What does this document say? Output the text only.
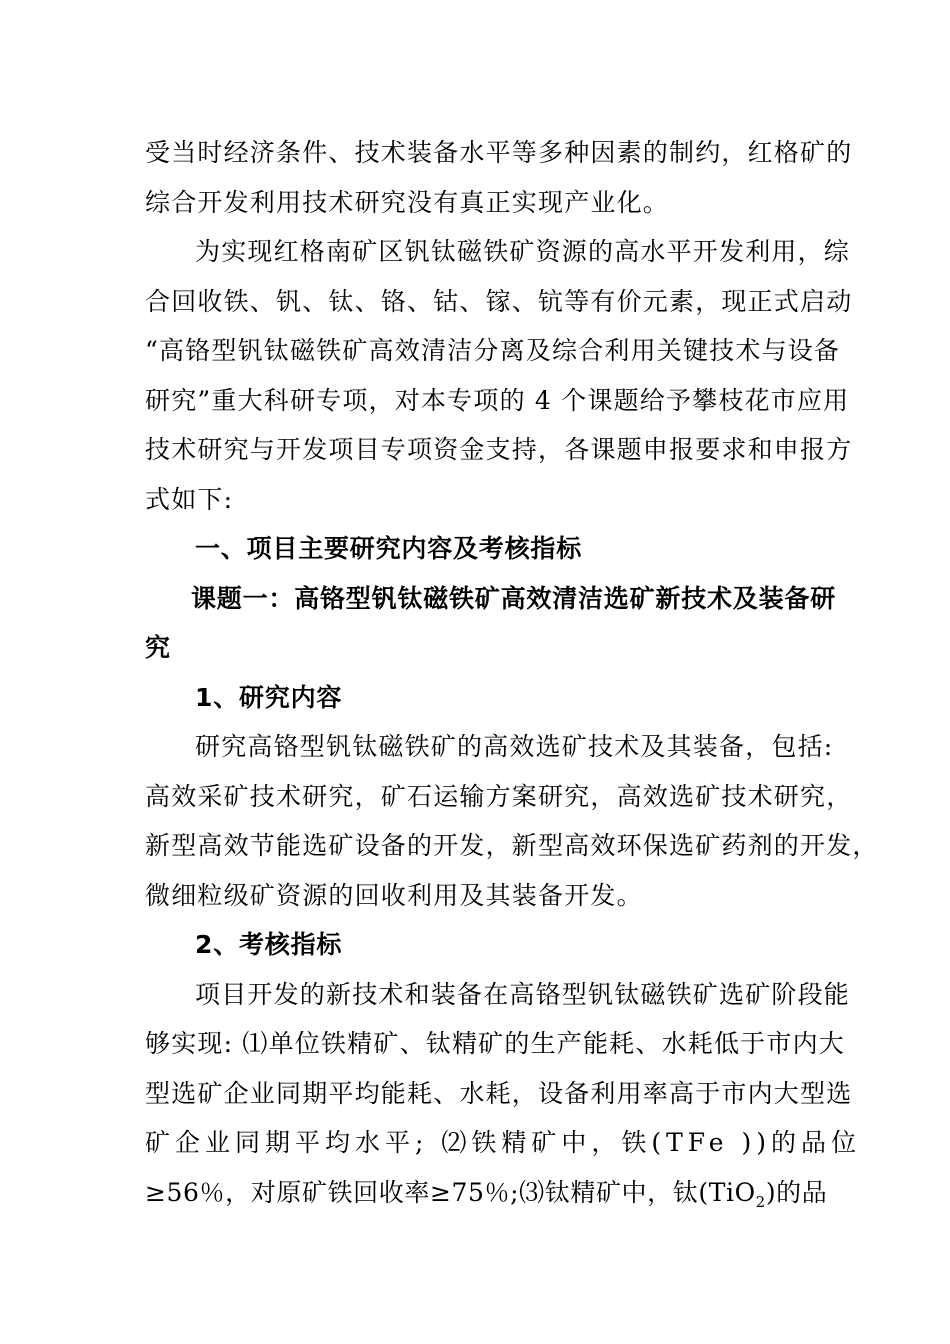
受当时经济条件、技术装备水平等多种因素的制约，红格矿的
综合开发利用技术研究没有真正实现产业化。
为实现红格南矿区钒钛磁铁矿资源的高水平开发利用，综
合回收铁、钒、钛、铬、钴、镓、钪等有价元素，现正式启动
“高铬型钒钛磁铁矿高效清洁分离及综合利用关键技术与设备
研究”重大科研专项，对本专项的 4 个课题给予攀枝花市应用
技术研究与开发项目专项资金支持，各课题申报要求和申报方
式如下:
一、项目主要研究内容及考核指标
课题一：高铬型钒钛磁铁矿高效清洁选矿新技术及装备研
究
1、研究内容
研究高铬型钒钛磁铁矿的高效选矿技术及其装备，包括:
高效采矿技术研究，矿石运输方案研究，高效选矿技术研究，
新型高效节能选矿设备的开发，新型高效环保选矿药剂的开发，
微细粒级矿资源的回收利用及其装备开发。
2、考核指标
项目开发的新技术和装备在高铬型钒钛磁铁矿选矿阶段能
够实现: ⑴单位铁精矿、钛精矿的生产能耗、水耗低于市内大
型选矿企业同期平均能耗、水耗，设备利用率高于市内大型选
矿企业同期平均水平; ⑵铁精矿中，铁(TFe ))的品位
≥56％，对原矿铁回收率≥75％;⑶钛精矿中，钛(TiO$_2$)的品
